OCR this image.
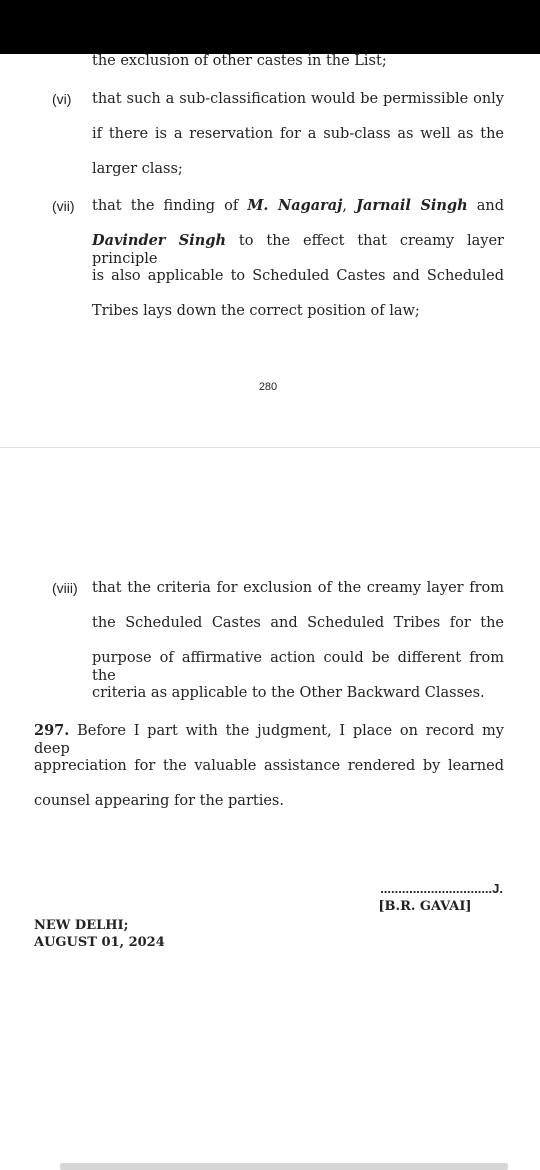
the exclusion of other castes in the List;
(vi) that such a sub-classification would be permissible only
if there is a reservation for a sub-class as well as the
larger class;
(vii) that the finding of M. Nagaraj, Jarnail Singh and
Davinder Singh to the effect that creamy layer principle
is also applicable to Scheduled Castes and Scheduled
Tribes lays down the correct position of law;
280
(viii) that the criteria for exclusion of the creamy layer from
the Scheduled Castes and Scheduled Tribes for the
purpose of affirmative action could be different from the
criteria as applicable to the Other Backward Classes.
297. Before I part with the judgment, I place on record my deep
appreciation for the valuable assistance rendered by learned
counsel appearing for the parties.
...............................J.
[B.R. GAVAI]
NEW DELHI;
AUGUST 01, 2024
